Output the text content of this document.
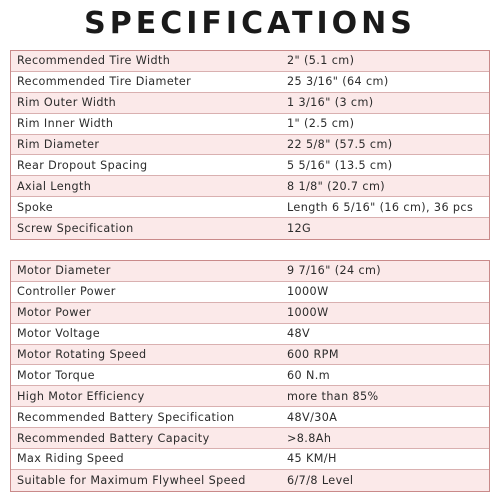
SPECIFICATIONS
Recommended Tire Width	2" (5.1 cm)
Recommended Tire Diameter	25 3/16" (64 cm)
Rim Outer Width	1 3/16" (3 cm)
Rim Inner Width	1" (2.5 cm)
Rim Diameter	22 5/8" (57.5 cm)
Rear Dropout Spacing	5 5/16" (13.5 cm)
Axial Length	8 1/8" (20.7 cm)
Spoke	Length 6 5/16" (16 cm), 36 pcs
Screw Specification	12G
Motor Diameter	9 7/16" (24 cm)
Controller Power	1000W
Motor Power	1000W
Motor Voltage	48V
Motor Rotating Speed	600 RPM
Motor Torque	60 N.m
High Motor Efficiency	more than 85%
Recommended Battery Specification	48V/30A
Recommended Battery Capacity	>8.8Ah
Max Riding Speed	45 KM/H
Suitable for Maximum Flywheel Speed	6/7/8 Level
